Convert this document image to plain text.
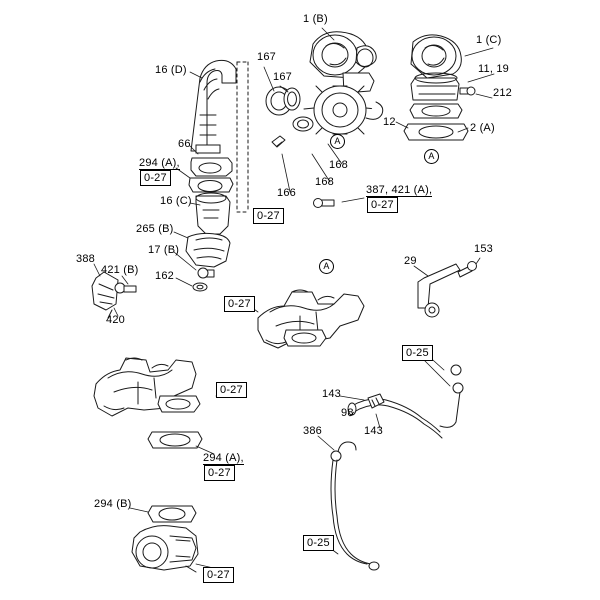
1 (B)
1 (C)
16 (D)
167
167
11, 19
212
12	2 (A)
66
294 (A),
0-27
A
A
168
168
166
16 (C)
387, 421 (A),
0-27
0-27
265 (B)
17 (B)
162
388
421 (B)
420
A	29
153
0-27
0-25
0-27	143
98
386	143
294 (A),
0-27
294 (B)
0-25
0-27
